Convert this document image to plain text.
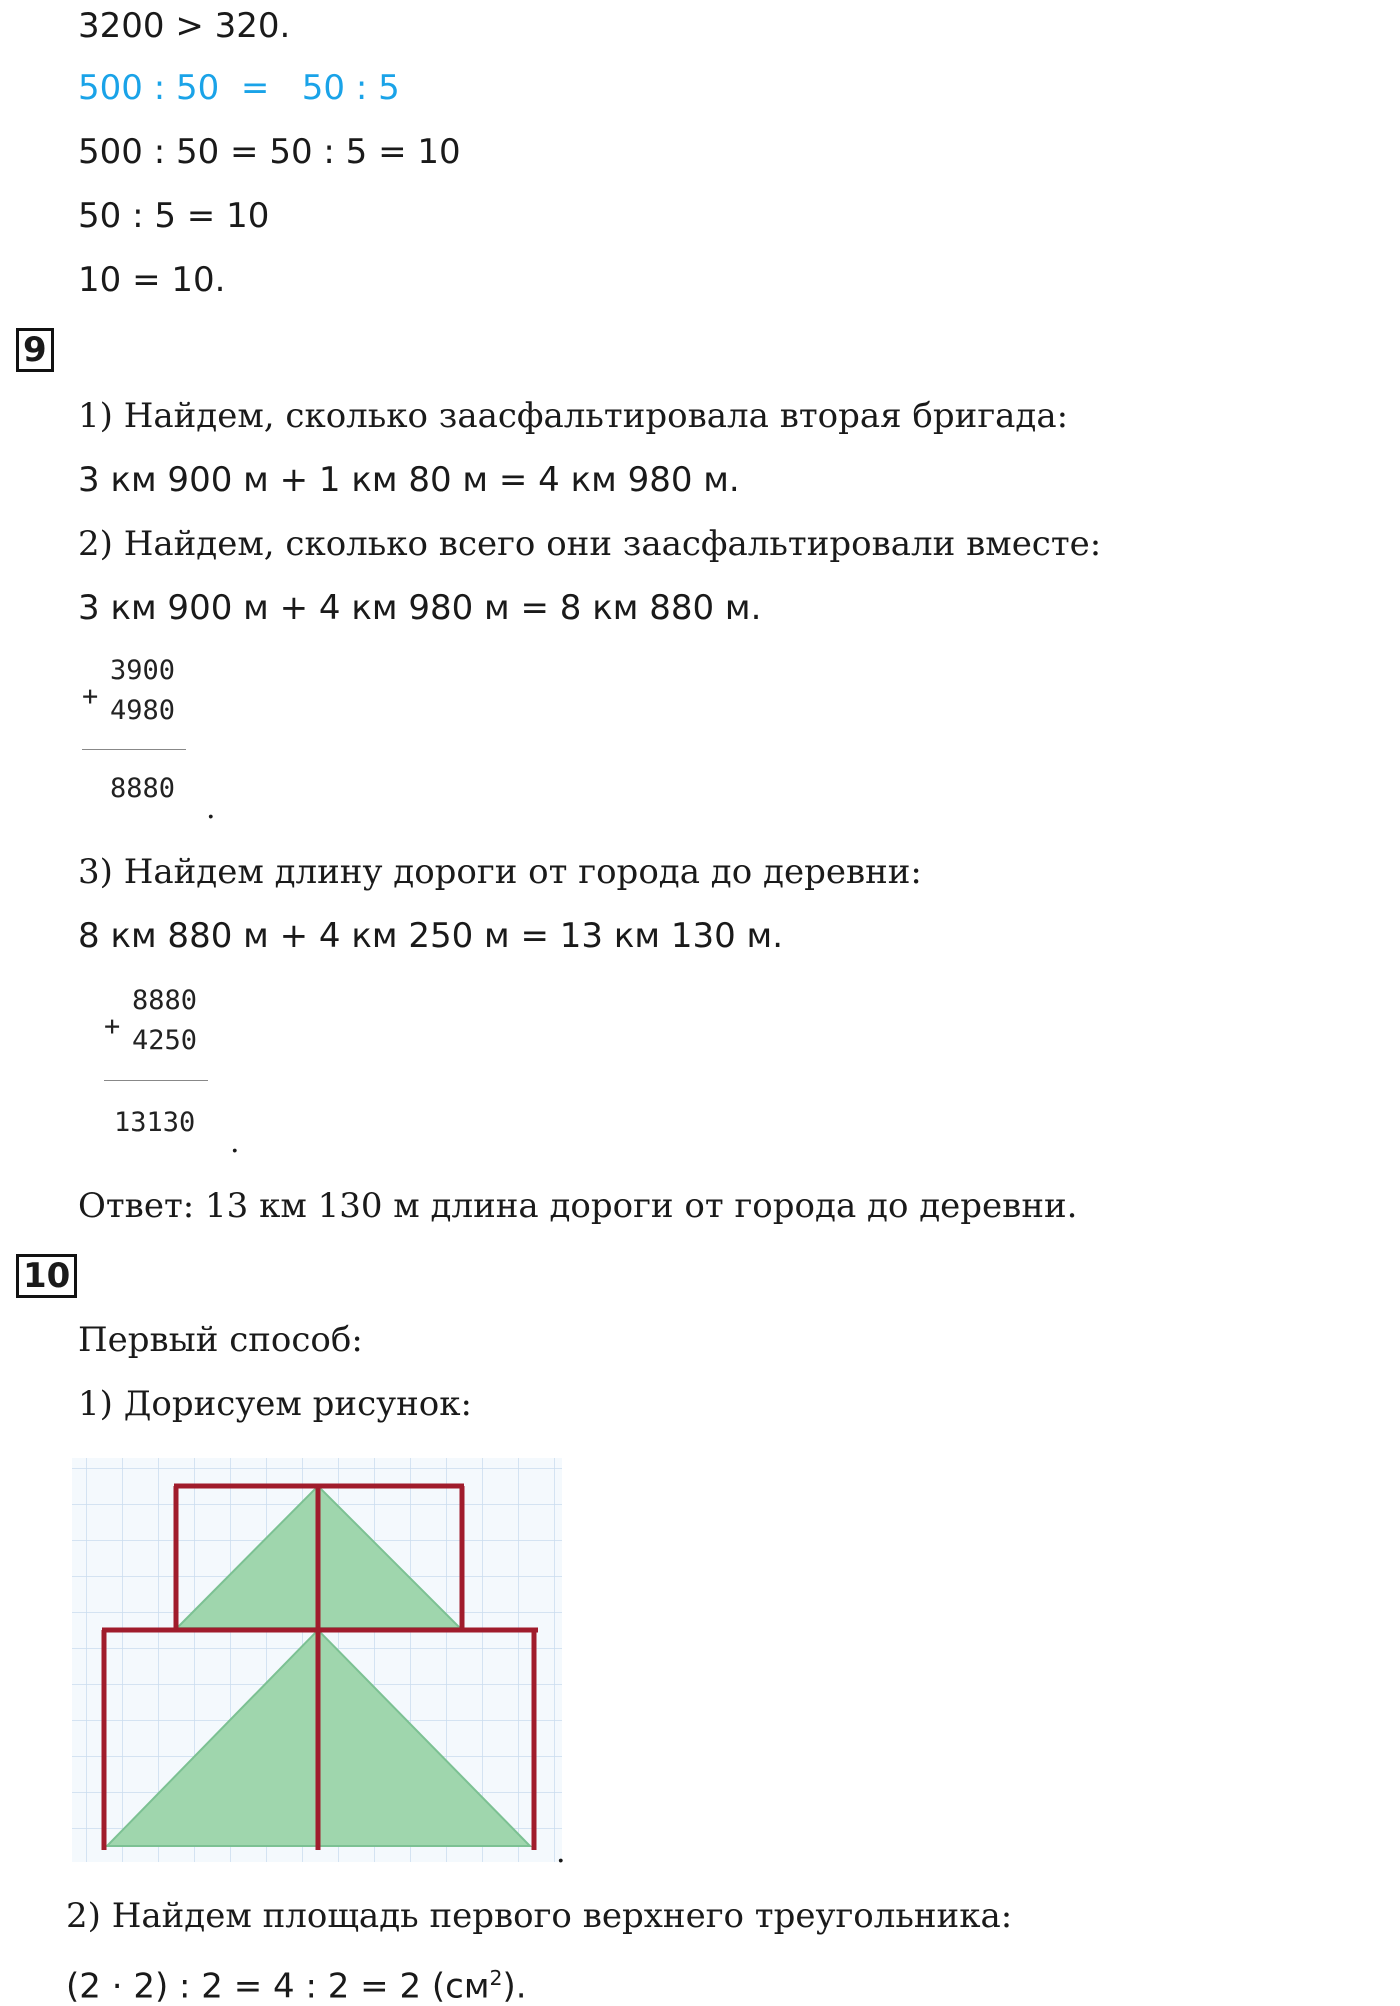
3200 > 320.
500 : 50  =   50 : 5
500 : 50 = 50 : 5 = 10
50 : 5 = 10
10 = 10.
9
1) Найдем, сколько заасфальтировала вторая бригада:
3 км 900 м + 1 км 80 м = 4 км 980 м.
2) Найдем, сколько всего они заасфальтировали вместе:
3 км 900 м + 4 км 980 м = 8 км 880 м.
+
3900
4980
8880
.
3) Найдем длину дороги от города до деревни:
8 км 880 м + 4 км 250 м = 13 км 130 м.
+
8880
4250
13130
.
Ответ: 13 км 130 м длина дороги от города до деревни.
10
Первый способ:
1) Дорисуем рисунок:
.
2) Найдем площадь первого верхнего треугольника:
(2 · 2) : 2 = 4 : 2 = 2 $(см^2)$.
